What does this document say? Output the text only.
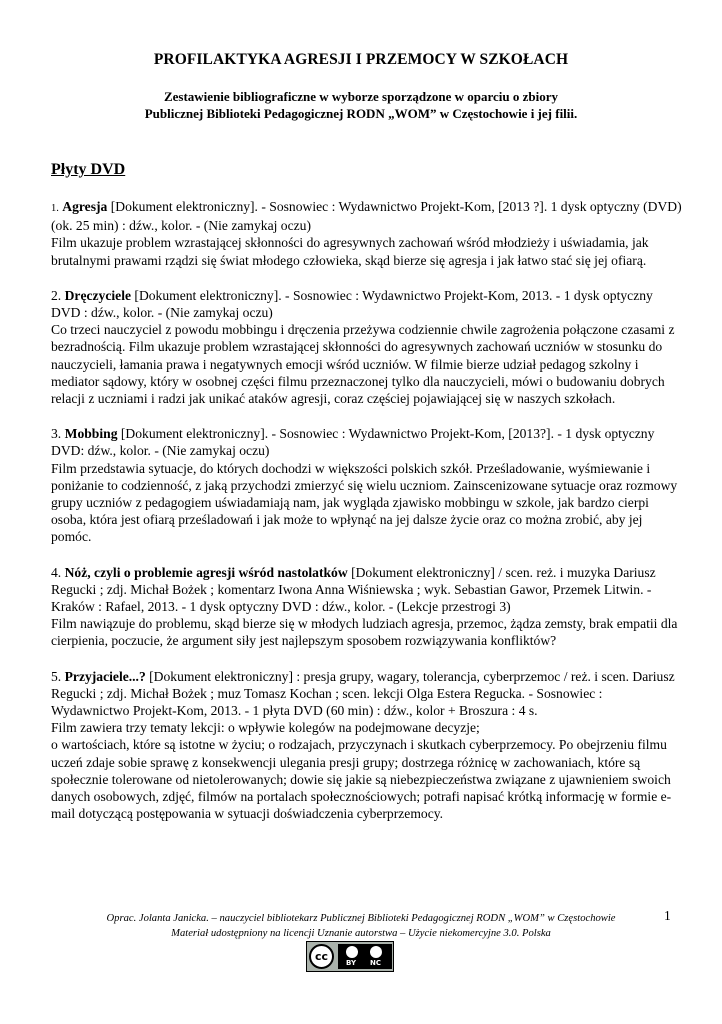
PROFILAKTYKA AGRESJI I PRZEMOCY W SZKOŁACH
Zestawienie bibliograficzne w wyborze sporządzone w oparciu o zbiory
Publicznej Biblioteki Pedagogicznej RODN „WOM” w Częstochowie i jej filii.
Płyty DVD
1. Agresja [Dokument elektroniczny]. - Sosnowiec : Wydawnictwo Projekt-Kom, [2013 ?]. 1 dysk optyczny (DVD) (ok. 25 min) : dźw., kolor. - (Nie zamykaj oczu)
Film ukazuje problem wzrastającej skłonności do agresywnych zachowań wśród młodzieży i uświadamia, jak brutalnymi prawami rządzi się świat młodego człowieka, skąd bierze się agresja i jak łatwo stać się jej ofiarą.
2. Dręczyciele [Dokument elektroniczny]. - Sosnowiec : Wydawnictwo Projekt-Kom, 2013. - 1 dysk optyczny DVD : dźw., kolor. - (Nie zamykaj oczu)
Co trzeci nauczyciel z powodu mobbingu i dręczenia przeżywa codziennie chwile zagrożenia połączone czasami z bezradnością. Film ukazuje problem wzrastającej skłonności do agresywnych zachowań uczniów w stosunku do nauczycieli, łamania prawa i negatywnych emocji wśród uczniów. W filmie bierze udział pedagog szkolny i mediator sądowy, który w osobnej części filmu przeznaczonej tylko dla nauczycieli, mówi o budowaniu dobrych relacji z uczniami i radzi jak unikać ataków agresji, coraz częściej pojawiającej się w naszych szkołach.
3. Mobbing [Dokument elektroniczny]. - Sosnowiec : Wydawnictwo Projekt-Kom, [2013?]. - 1 dysk optyczny DVD: dźw., kolor. - (Nie zamykaj oczu)
Film przedstawia sytuacje, do których dochodzi w większości polskich szkół. Prześladowanie, wyśmiewanie i poniżanie to codzienność, z jaką przychodzi zmierzyć się wielu uczniom. Zainscenizowane sytuacje oraz rozmowy grupy uczniów z pedagogiem uświadamiają nam, jak wygląda zjawisko mobbingu w szkole, jak bardzo cierpi osoba, która jest ofiarą prześladowań i jak może to wpłynąć na jej dalsze życie oraz co można zrobić, aby jej pomóc.
4. Nóż, czyli o problemie agresji wśród nastolatków [Dokument elektroniczny] / scen. reż. i muzyka Dariusz Regucki ; zdj. Michał Bożek ; komentarz Iwona Anna Wiśniewska ; wyk. Sebastian Gawor, Przemek Litwin. - Kraków : Rafael, 2013. - 1 dysk optyczny DVD : dźw., kolor. - (Lekcje przestrogi 3)
Film nawiązuje do problemu, skąd bierze się w młodych ludziach agresja, przemoc, żądza zemsty, brak empatii dla cierpienia, poczucie, że argument siły jest najlepszym sposobem rozwiązywania konfliktów?
5. Przyjaciele...? [Dokument elektroniczny] : presja grupy, wagary, tolerancja, cyberprzemoc / reż. i scen. Dariusz Regucki ; zdj. Michał Bożek ; muz Tomasz Kochan ; scen. lekcji Olga Estera Regucka. - Sosnowiec : Wydawnictwo Projekt-Kom, 2013. - 1 płyta DVD (60 min) : dźw., kolor + Broszura : 4 s.
Film zawiera trzy tematy lekcji: o wpływie kolegów na podejmowane decyzje;
o wartościach, które są istotne w życiu; o rodzajach, przyczynach i skutkach cyberprzemocy. Po obejrzeniu filmu uczeń zdaje sobie sprawę z konsekwencji ulegania presji grupy; dostrzega różnicę w zachowaniach, które są społecznie tolerowane od nietolerowanych; dowie się jakie są niebezpieczeństwa związane z ujawnieniem swoich danych osobowych, zdjęć, filmów na portalach społecznościowych; potrafi napisać krótką informację w formie e-mail dotyczącą postępowania w sytuacji doświadczenia cyberprzemocy.
Oprac. Jolanta Janicka. – nauczyciel bibliotekarz Publicznej Biblioteki Pedagogicznej RODN „WOM” w Częstochowie
Materiał udostępniony na licencji Uznanie autorstwa – Użycie niekomercyjne 3.0. Polska
1
cc	BY NC
